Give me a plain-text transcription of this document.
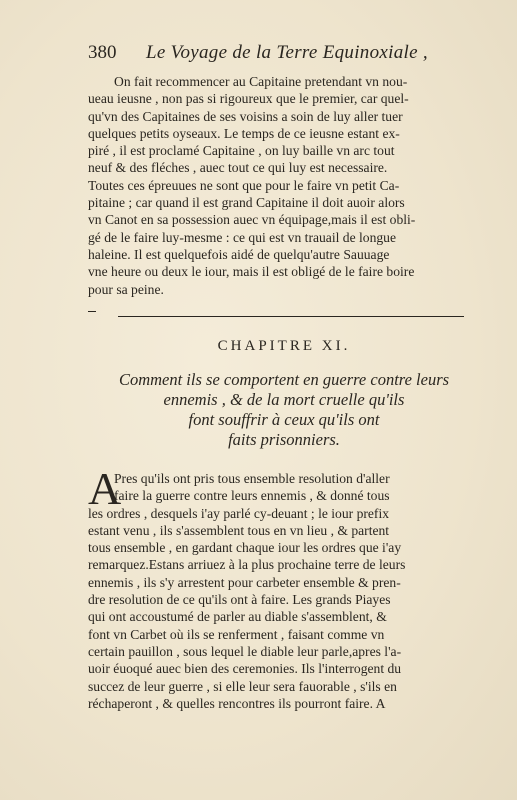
380 Le Voyage de la Terre Equinoxiale ,
On fait recommencer au Capitaine pretendant vn nou-
ueau ieusne , non pas si rigoureux que le premier, car quel-
qu'vn des Capitaines de ses voisins a soin de luy aller tuer
quelques petits oyseaux. Le temps de ce ieusne estant ex-
piré , il est proclamé Capitaine , on luy baille vn arc tout
neuf & des fléches , auec tout ce qui luy est necessaire.
Toutes ces épreuues ne sont que pour le faire vn petit Ca-
pitaine ; car quand il est grand Capitaine il doit auoir alors
vn Canot en sa possession auec vn équipage,mais il est obli-
gé de le faire luy-mesme : ce qui est vn trauail de longue
haleine. Il est quelquefois aidé de quelqu'autre Sauuage
vne heure ou deux le iour, mais il est obligé de le faire boire
pour sa peine.
CHAPITRE XI.
Comment ils se comportent en guerre contre leurs
ennemis , & de la mort cruelle qu'ils
font souffrir à ceux qu'ils ont
faits prisonniers.
A
Pres qu'ils ont pris tous ensemble resolution d'aller
faire la guerre contre leurs ennemis , & donné tous
les ordres , desquels i'ay parlé cy-deuant ; le iour prefix
estant venu , ils s'assemblent tous en vn lieu , & partent
tous ensemble , en gardant chaque iour les ordres que i'ay
remarquez.Estans arriuez à la plus prochaine terre de leurs
ennemis , ils s'y arrestent pour carbeter ensemble & pren-
dre resolution de ce qu'ils ont à faire. Les grands Piayes
qui ont accoustumé de parler au diable s'assemblent, &
font vn Carbet où ils se renferment , faisant comme vn
certain pauillon , sous lequel le diable leur parle,apres l'a-
uoir éuoqué auec bien des ceremonies. Ils l'interrogent du
succez de leur guerre , si elle leur sera fauorable , s'ils en
réchaperont , & quelles rencontres ils pourront faire. A
